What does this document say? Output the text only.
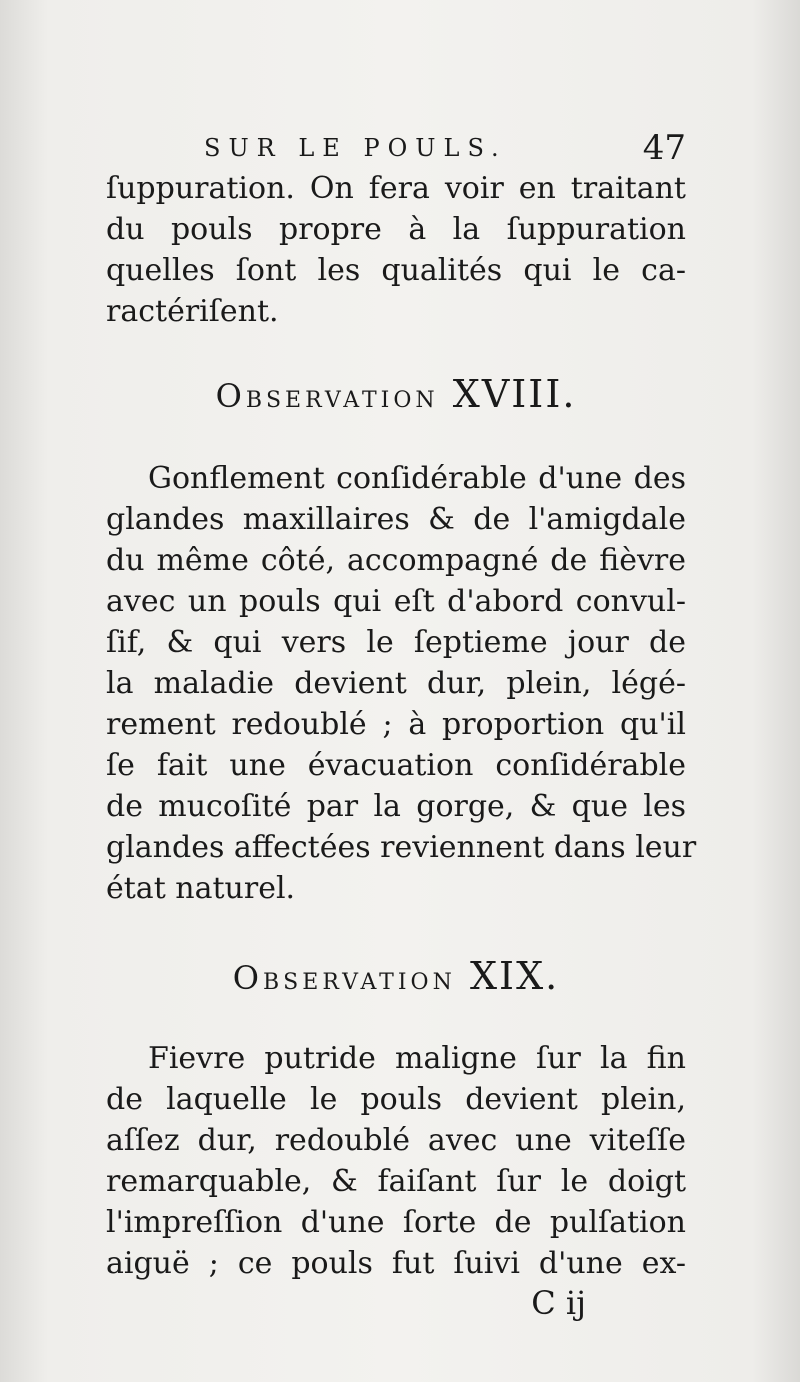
SUR LE POULS.	47
ſuppuration. On fera voir en traitant
du pouls propre à la ſuppuration
quelles ſont les qualités qui le ca-
ractériſent.
Observation XVIII.
Gonflement conſidérable d'une des
glandes maxillaires & de l'amigdale
du même côté, accompagné de fièvre
avec un pouls qui eſt d'abord convul-
ſif, & qui vers le ſeptieme jour de
la maladie devient dur, plein, légé-
rement redoublé ; à proportion qu'il
ſe fait une évacuation conſidérable
de mucoſité par la gorge, & que les
glandes affectées reviennent dans leur
état naturel.
Observation XIX.
Fievre putride maligne ſur la fin
de laquelle le pouls devient plein,
aſſez dur, redoublé avec une viteſſe
remarquable, & faiſant ſur le doigt
l'impreſſion d'une ſorte de pulſation
aiguë ; ce pouls fut ſuivi d'une ex-
C ij
